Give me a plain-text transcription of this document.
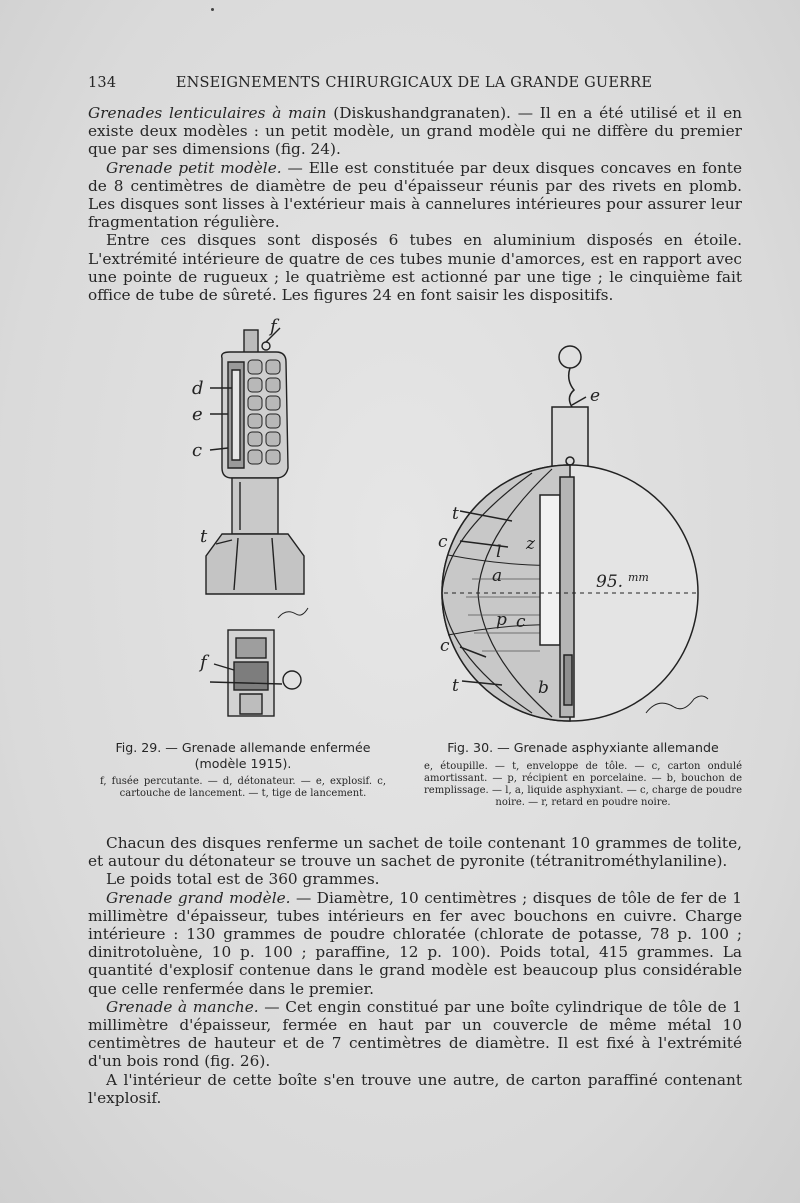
134	ENSEIGNEMENTS CHIRURGICAUX DE LA GRANDE GUERRE

Grenades lenticulaires à main (Diskushandgranaten). — Il en a été utilisé et il en existe deux modèles : un petit modèle, un grand modèle qui ne diffère du premier que par ses dimensions (fig. 24).

Grenade petit modèle. — Elle est constituée par deux disques concaves en fonte de 8 centimètres de diamètre de peu d'épaisseur réunis par des rivets en plomb. Les disques sont lisses à l'extérieur mais à cannelures intérieures pour assurer leur fragmentation régulière.

Entre ces disques sont disposés 6 tubes en aluminium disposés en étoile. L'extrémité intérieure de quatre de ces tubes munie d'amorces, est en rapport avec une pointe de rugueux ; le quatrième est actionné par une tige ; le cinquième fait office de tube de sûreté. Les figures 24 en font saisir les dispositifs.

f
d
e
c
t
f
e
t
c	z
l
a
p c
c
t	b
95. mm
Fig. 29. — Grenade allemande enfermée (modèle 1915).
f, fusée percutante. — d, détonateur. — e, explosif. c, cartouche de lancement. — t, tige de lancement.
Fig. 30. — Grenade asphyxiante allemande
e, étoupille. — t, enveloppe de tôle. — c, carton ondulé amortissant. — p, récipient en porcelaine. — b, bouchon de remplissage. — l, a, liquide asphyxiant. — c, charge de poudre noire. — r, retard en poudre noire.

Chacun des disques renferme un sachet de toile contenant 10 grammes de tolite, et autour du détonateur se trouve un sachet de pyronite (tétranitrométhylaniline).

Le poids total est de 360 grammes.

Grenade grand modèle. — Diamètre, 10 centimètres ; disques de tôle de fer de 1 millimètre d'épaisseur, tubes intérieurs en fer avec bouchons en cuivre. Charge intérieure : 130 grammes de poudre chloratée (chlorate de potasse, 78 p. 100 ; dinitrotoluène, 10 p. 100 ; paraffine, 12 p. 100). Poids total, 415 grammes. La quantité d'explosif contenue dans le grand modèle est beaucoup plus considérable que celle renfermée dans le premier.

Grenade à manche. — Cet engin constitué par une boîte cylindrique de tôle de 1 millimètre d'épaisseur, fermée en haut par un couvercle de même métal 10 centimètres de hauteur et de 7 centimètres de diamètre. Il est fixé à l'extrémité d'un bois rond (fig. 26).

A l'intérieur de cette boîte s'en trouve une autre, de carton paraffiné contenant l'explosif.
